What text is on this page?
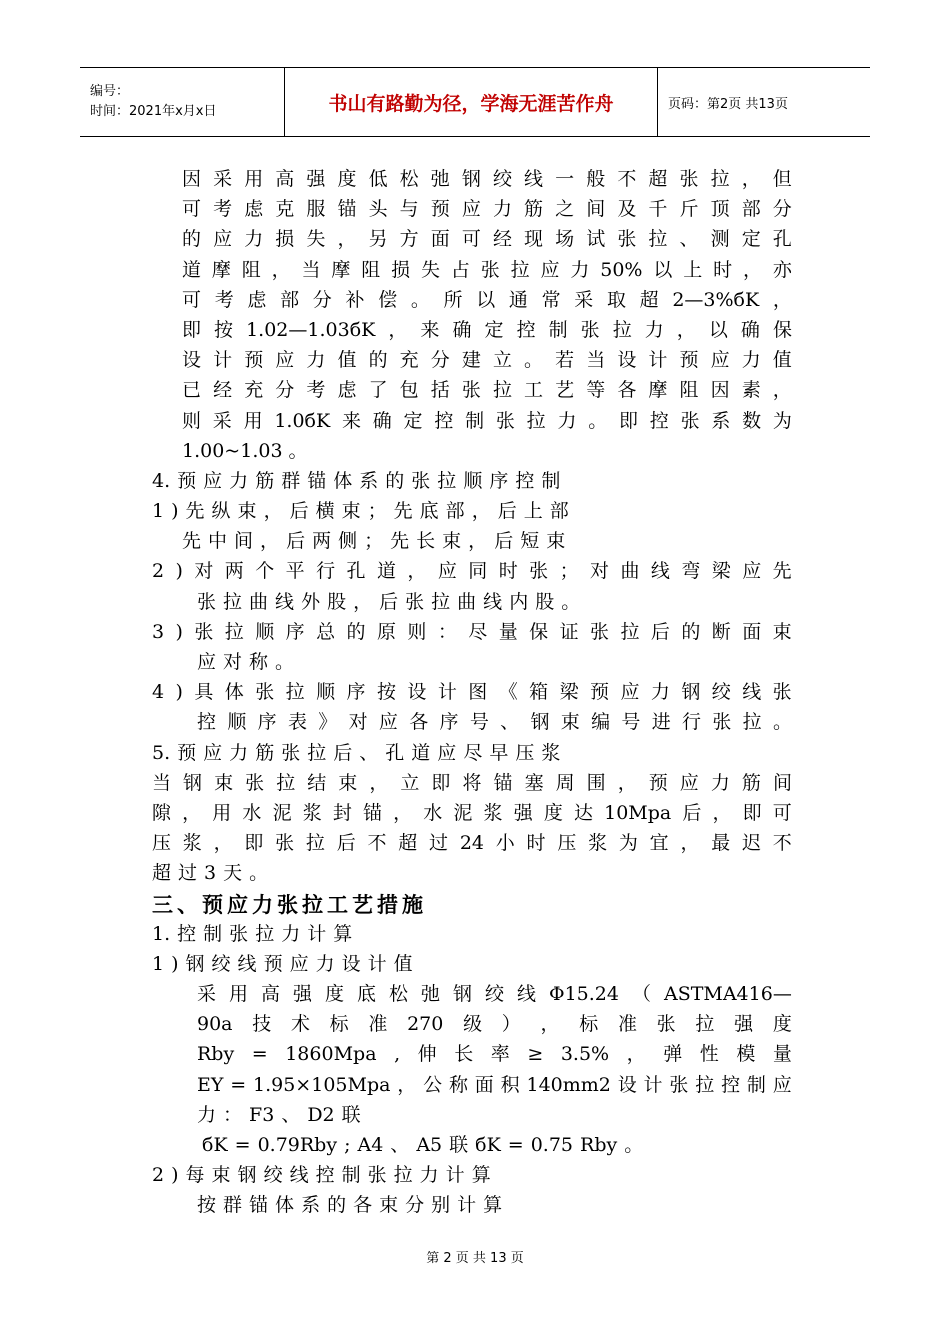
编号：
时间：2021年x月x日	书山有路勤为径，学海无涯苦作舟	页码：第2页 共13页
因 采 用 高 强 度 低 松 弛 钢 绞 线 一 般 不 超 张 拉 ， 但
可 考 虑 克 服 锚 头 与 预 应 力 筋 之 间 及 千 斤 顶 部 分
的 应 力 损 失 ， 另 方 面 可 经 现 场 试 张 拉 、 测 定 孔
道 摩 阻 ， 当 摩 阻 损 失 占 张 拉 应 力 50% 以 上 时 ， 亦
可 考 虑 部 分 补 偿 。 所 以 通 常 采 取 超 2—3%бK ，
即 按 1.02—1.03бK ， 来 确 定 控 制 张 拉 力 ， 以 确 保
设 计 预 应 力 值 的 充 分 建 立 。 若 当 设 计 预 应 力 值
已 经 充 分 考 虑 了 包 括 张 拉 工 艺 等 各 摩 阻 因 素 ，
则 采 用 1.0бK 来 确 定 控 制 张 拉 力 。 即 控 张 系 数 为
1.00~1.03 。
4. 预 应 力 筋 群 锚 体 系 的 张 拉 顺 序 控 制
1 ) 先 纵 束 ， 后 横 束 ； 先 底 部 ， 后 上 部
先 中 间 ， 后 两 侧 ； 先 长 束 ， 后 短 束
2 ) 对 两 个 平 行 孔 道 ， 应 同 时 张 ； 对 曲 线 弯 梁 应 先
张 拉 曲 线 外 股 ， 后 张 拉 曲 线 内 股 。
3 ) 张 拉 顺 序 总 的 原 则 ： 尽 量 保 证 张 拉 后 的 断 面 束
应 对 称 。
4 ) 具 体 张 拉 顺 序 按 设 计 图 《 箱 梁 预 应 力 钢 绞 线 张
控 顺 序 表 》 对 应 各 序 号 、 钢 束 编 号 进 行 张 拉 。
5. 预 应 力 筋 张 拉 后 、 孔 道 应 尽 早 压 浆
当 钢 束 张 拉 结 束 ， 立 即 将 锚 塞 周 围 ， 预 应 力 筋 间
隙 ， 用 水 泥 浆 封 锚 ， 水 泥 浆 强 度 达 10Mpa 后 ， 即 可
压 浆 ， 即 张 拉 后 不 超 过 24 小 时 压 浆 为 宜 ， 最 迟 不
超 过 3 天 。
三 、 预 应 力 张 拉 工 艺 措 施
1. 控 制 张 拉 力 计 算
1 ) 钢 绞 线 预 应 力 设 计 值
采 用 高 强 度 底 松 弛 钢 绞 线 Φ15.24 （ ASTMA416—
90a 技 术 标 准 270 级 ） ， 标 准 张 拉 强 度
Rby = 1860Mpa , 伸 长 率 ≥ 3.5% ， 弹 性 模 量
EY = 1.95×105Mpa ， 公 称 面 积 140mm2 设 计 张 拉 控 制 应
力 ： F3 、 D2 联
бK = 0.79Rby ; A4 、 A5 联 бK = 0.75 Rby 。
2 ) 每 束 钢 绞 线 控 制 张 拉 力 计 算
按 群 锚 体 系 的 各 束 分 别 计 算
第 2 页 共 13 页
